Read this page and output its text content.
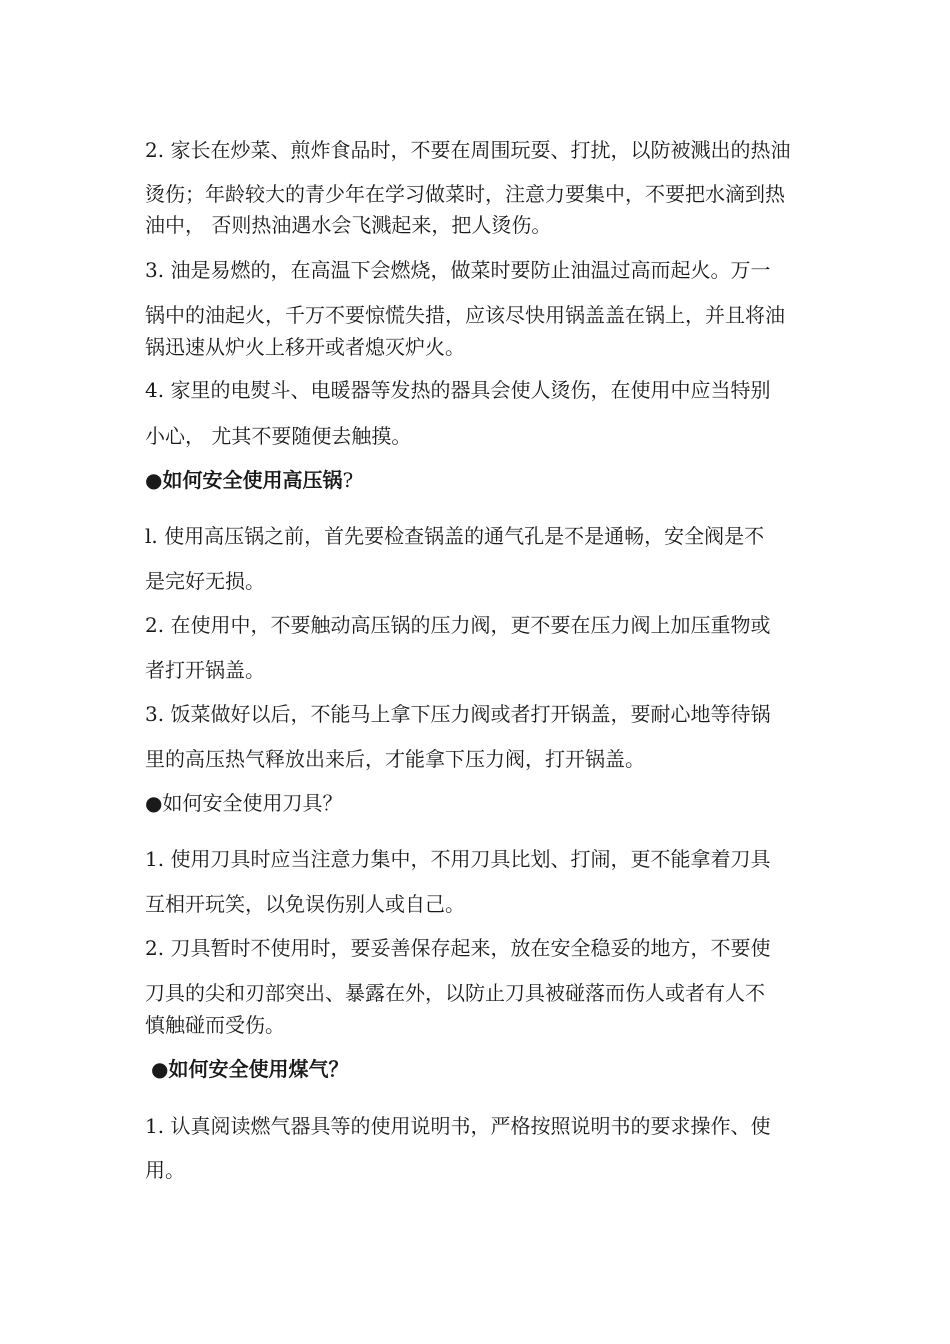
2. 家长在炒菜、煎炸食品时，不要在周围玩耍、打扰，以防被溅出的热油
烫伤；年龄较大的青少年在学习做菜时，注意力要集中，不要把水滴到热
油中， 否则热油遇水会飞溅起来，把人烫伤。
3. 油是易燃的，在高温下会燃烧，做菜时要防止油温过高而起火。万一
锅中的油起火，千万不要惊慌失措，应该尽快用锅盖盖在锅上，并且将油
锅迅速从炉火上移开或者熄灭炉火。
4. 家里的电熨斗、电暖器等发热的器具会使人烫伤，在使用中应当特别
小心， 尤其不要随便去触摸。
●如何安全使用高压锅?
l. 使用高压锅之前，首先要检查锅盖的通气孔是不是通畅，安全阀是不
是完好无损。
2. 在使用中，不要触动高压锅的压力阀，更不要在压力阀上加压重物或
者打开锅盖。
3. 饭菜做好以后，不能马上拿下压力阀或者打开锅盖，要耐心地等待锅
里的高压热气释放出来后，才能拿下压力阀，打开锅盖。
●如何安全使用刀具？
1. 使用刀具时应当注意力集中，不用刀具比划、打闹，更不能拿着刀具
互相开玩笑，以免误伤别人或自己。
2. 刀具暂时不使用时，要妥善保存起来，放在安全稳妥的地方，不要使
刀具的尖和刃部突出、暴露在外，以防止刀具被碰落而伤人或者有人不
慎触碰而受伤。
●如何安全使用煤气？
1. 认真阅读燃气器具等的使用说明书，严格按照说明书的要求操作、使
用。
